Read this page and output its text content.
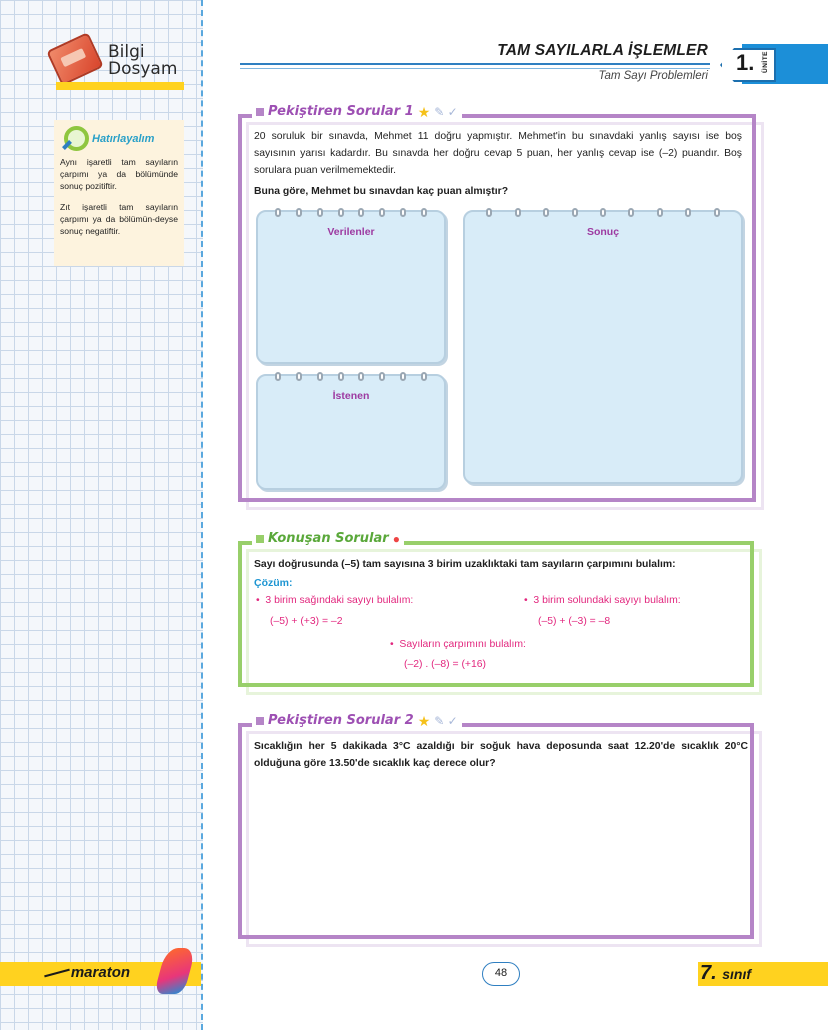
Bilgi
Dosyam
Hatırlayalım

Aynı işaretli tam sayıların çarpımı ya da bölümünde sonuç pozitiftir.

Zıt işaretli tam sayıların çarpımı ya da bölümün-deyse sonuç negatiftir.

TAM SAYILARLA İŞLEMLER
Tam Sayı Problemleri
1. ÜNİTE
Pekiştiren Sorular 1 ★ ✎ ✓
20 soruluk bir sınavda, Mehmet 11 doğru yapmıştır. Mehmet'in bu sınavdaki yanlış sayısı ise boş sayısının yarısı kadardır. Bu sınavda her doğru cevap 5 puan, her yanlış cevap ise (–2) puandır. Boş sorulara puan verilmemektedir.
Buna göre, Mehmet bu sınavdan kaç puan almıştır?
Verilenler
İstenen
Sonuç
Konuşan Sorular ●
Sayı doğrusunda (–5) tam sayısına 3 birim uzaklıktaki tam sayıların çarpımını bulalım:
Çözüm:
•  3 birim sağındaki sayıyı bulalım:
(–5) + (+3) = –2
•  3 birim solundaki sayıyı bulalım:
(–5) + (–3) = –8
•  Sayıların çarpımını bulalım:
(–2) . (–8) = (+16)
Pekiştiren Sorular 2 ★ ✎ ✓
Sıcaklığın her 5 dakikada 3°C azaldığı bir soğuk hava deposunda saat 12.20'de sıcaklık 20°C olduğuna göre 13.50'de sıcaklık kaç derece olur?
maraton	48	7. sınıf
